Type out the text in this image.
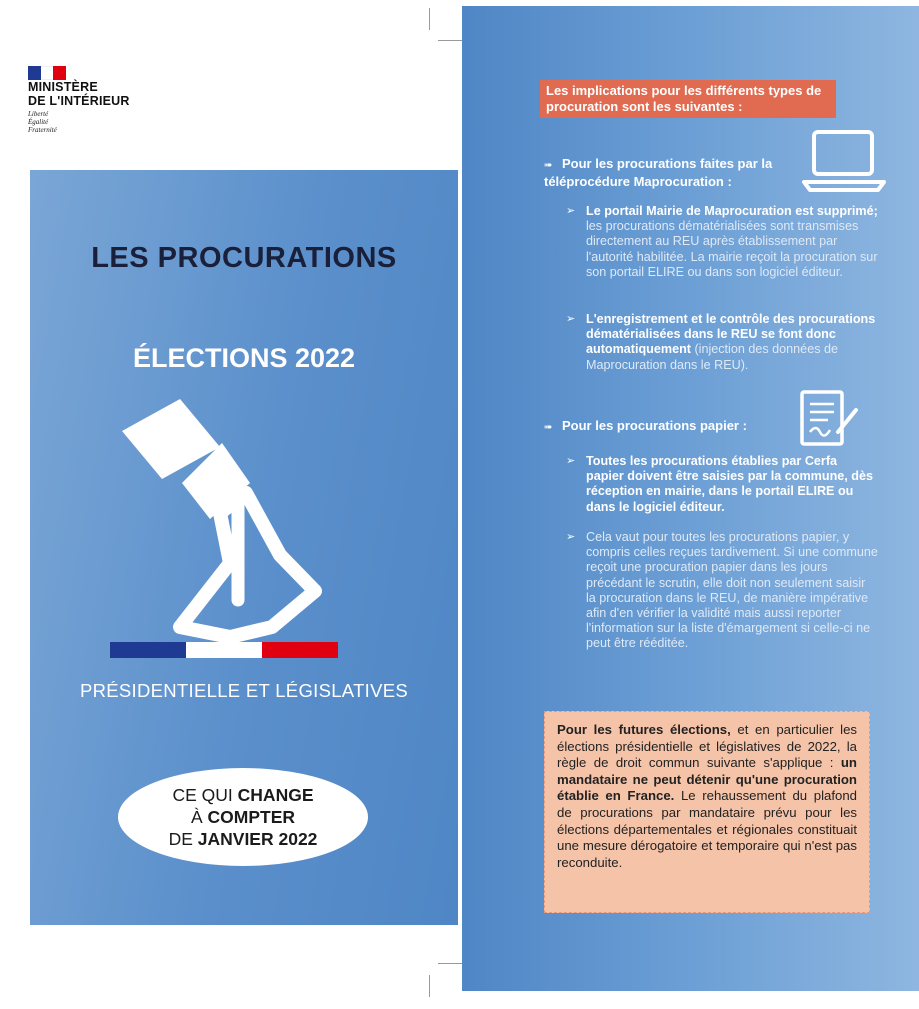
MINISTÈRE
DE L'INTÉRIEUR
Liberté
Égalité
Fraternité
LES PROCURATIONS
ÉLECTIONS 2022
PRÉSIDENTIELLE ET LÉGISLATIVES
CE QUI CHANGE
À COMPTER
DE JANVIER 2022
Les implications pour les différents types de procuration sont les suivantes :
➠ Pour les procurations faites par la téléprocédure Maprocuration :
➢ Le portail Mairie de Maprocuration est supprimé; les procurations dématérialisées sont transmises directement au REU après établissement par l'autorité habilitée. La mairie reçoit la procuration sur son portail ELIRE ou dans son logiciel éditeur.
➢ L'enregistrement et le contrôle des procurations dématérialisées dans le REU se font donc automatiquement (injection des données de Maprocuration dans le REU).
➠ Pour les procurations papier :
➢ Toutes les procurations établies par Cerfa papier doivent être saisies par la commune, dès réception en mairie, dans le portail ELIRE ou dans le logiciel éditeur.
➢ Cela vaut pour toutes les procurations papier, y compris celles reçues tardivement. Si une commune reçoit une procuration papier dans les jours précédant le scrutin, elle doit non seulement saisir la procuration dans le REU, de manière impérative afin d'en vérifier la validité mais aussi reporter l'information sur la liste d'émargement si celle-ci ne peut être rééditée.
Pour les futures élections, et en particulier les élections présidentielle et législatives de 2022, la règle de droit commun suivante s'applique : un mandataire ne peut détenir qu'une procuration établie en France. Le rehaussement du plafond de procurations par mandataire prévu pour les élections départementales et régionales constituait une mesure dérogatoire et temporaire qui n'est pas reconduite.
